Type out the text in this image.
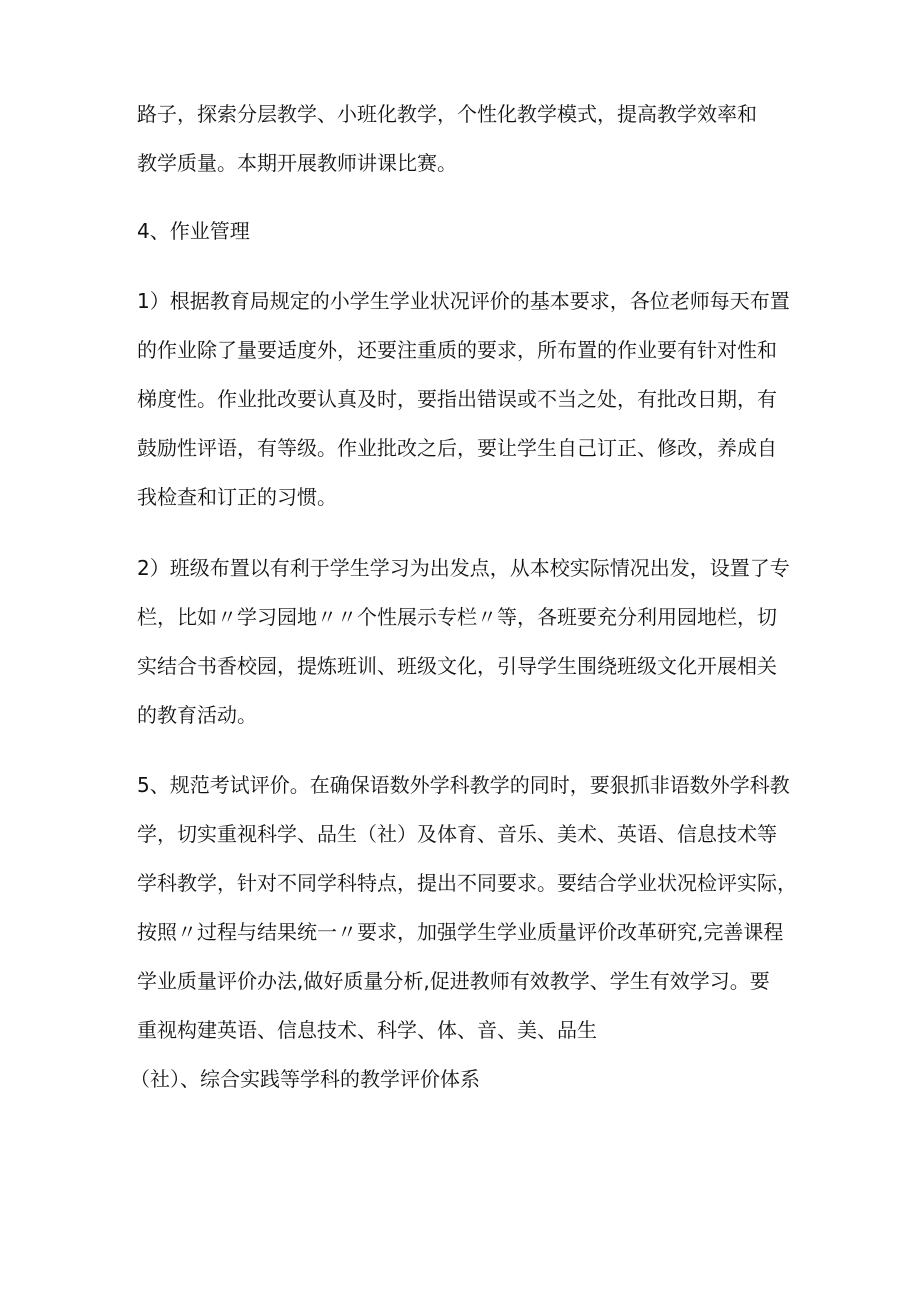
路子，探索分层教学、小班化教学，个性化教学模式，提高教学效率和
教学质量。本期开展教师讲课比赛。
4、作业管理
1）根据教育局规定的小学生学业状况评价的基本要求，各位老师每天布置
的作业除了量要适度外，还要注重质的要求，所布置的作业要有针对性和
梯度性。作业批改要认真及时，要指出错误或不当之处，有批改日期，有
鼓励性评语，有等级。作业批改之后，要让学生自己订正、修改，养成自
我检查和订正的习惯。
2）班级布置以有利于学生学习为出发点，从本校实际情况出发，设置了专
栏，比如〃学习园地〃〃个性展示专栏〃等，各班要充分利用园地栏，切
实结合书香校园，提炼班训、班级文化，引导学生围绕班级文化开展相关
的教育活动。
5、规范考试评价。在确保语数外学科教学的同时，要狠抓非语数外学科教
学，切实重视科学、品生（社）及体育、音乐、美术、英语、信息技术等
学科教学，针对不同学科特点，提出不同要求。要结合学业状况检评实际，
按照〃过程与结果统一〃要求，加强学生学业质量评价改革研究,完善课程
学业质量评价办法,做好质量分析,促进教师有效教学、学生有效学习。要
重视构建英语、信息技术、科学、体、音、美、品生
（社）、综合实践等学科的教学评价体系
